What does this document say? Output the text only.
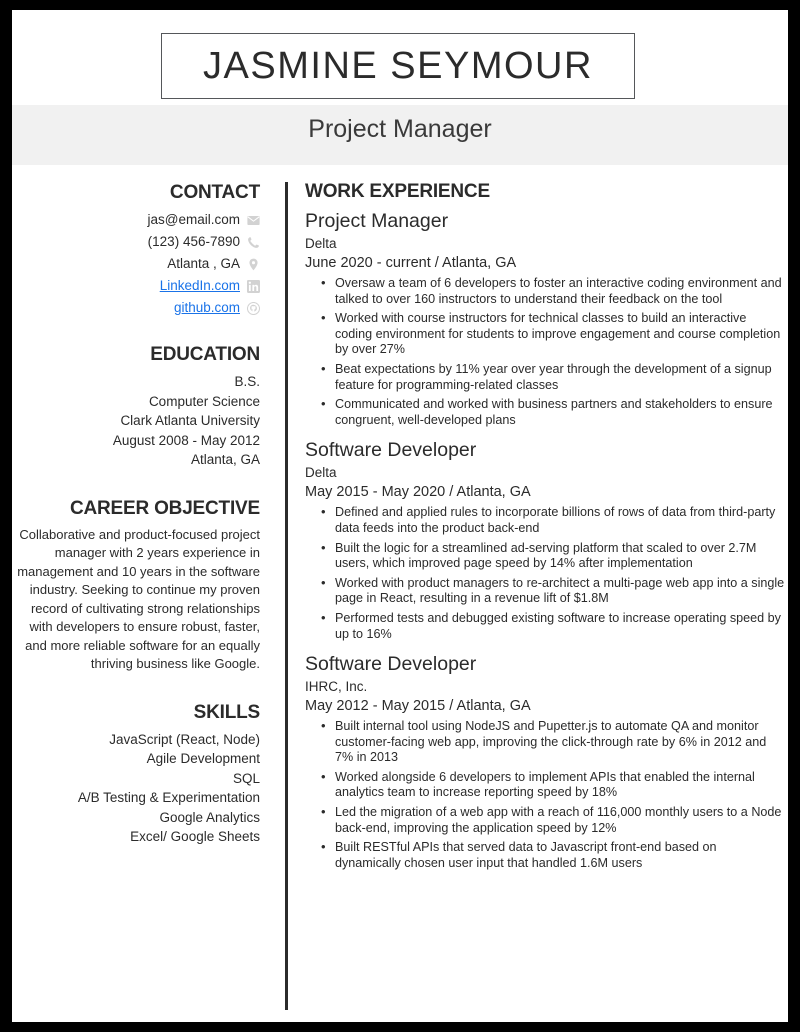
JASMINE SEYMOUR
Project Manager
CONTACT
jas@email.com
(123) 456-7890
Atlanta , GA
LinkedIn.com
github.com
EDUCATION
B.S.
Computer Science
Clark Atlanta University
August 2008 - May 2012
Atlanta, GA
CAREER OBJECTIVE
Collaborative and product-focused project manager with 2 years experience in management and 10 years in the software industry. Seeking to continue my proven record of cultivating strong relationships with developers to ensure robust, faster, and more reliable software for an equally thriving business like Google.
SKILLS
JavaScript (React, Node)
Agile Development
SQL
A/B Testing & Experimentation
Google Analytics
Excel/ Google Sheets
WORK EXPERIENCE
Project Manager
Delta
June 2020 - current / Atlanta, GA
• Oversaw a team of 6 developers to foster an interactive coding environment and talked to over 160 instructors to understand their feedback on the tool
• Worked with course instructors for technical classes to build an interactive coding environment for students to improve engagement and course completion by over 27%
• Beat expectations by 11% year over year through the development of a signup feature for programming-related classes
• Communicated and worked with business partners and stakeholders to ensure congruent, well-developed plans
Software Developer
Delta
May 2015 - May 2020 / Atlanta, GA
• Defined and applied rules to incorporate billions of rows of data from third-party data feeds into the product back-end
• Built the logic for a streamlined ad-serving platform that scaled to over 2.7M users, which improved page speed by 14% after implementation
• Worked with product managers to re-architect a multi-page web app into a single page in React, resulting in a revenue lift of $1.8M
• Performed tests and debugged existing software to increase operating speed by up to 16%
Software Developer
IHRC, Inc.
May 2012 - May 2015 / Atlanta, GA
• Built internal tool using NodeJS and Pupetter.js to automate QA and monitor customer-facing web app, improving the click-through rate by 6% in 2012 and 7% in 2013
• Worked alongside 6 developers to implement APIs that enabled the internal analytics team to increase reporting speed by 18%
• Led the migration of a web app with a reach of 116,000 monthly users to a Node back-end, improving the application speed by 12%
• Built RESTful APIs that served data to Javascript front-end based on dynamically chosen user input that handled 1.6M users
